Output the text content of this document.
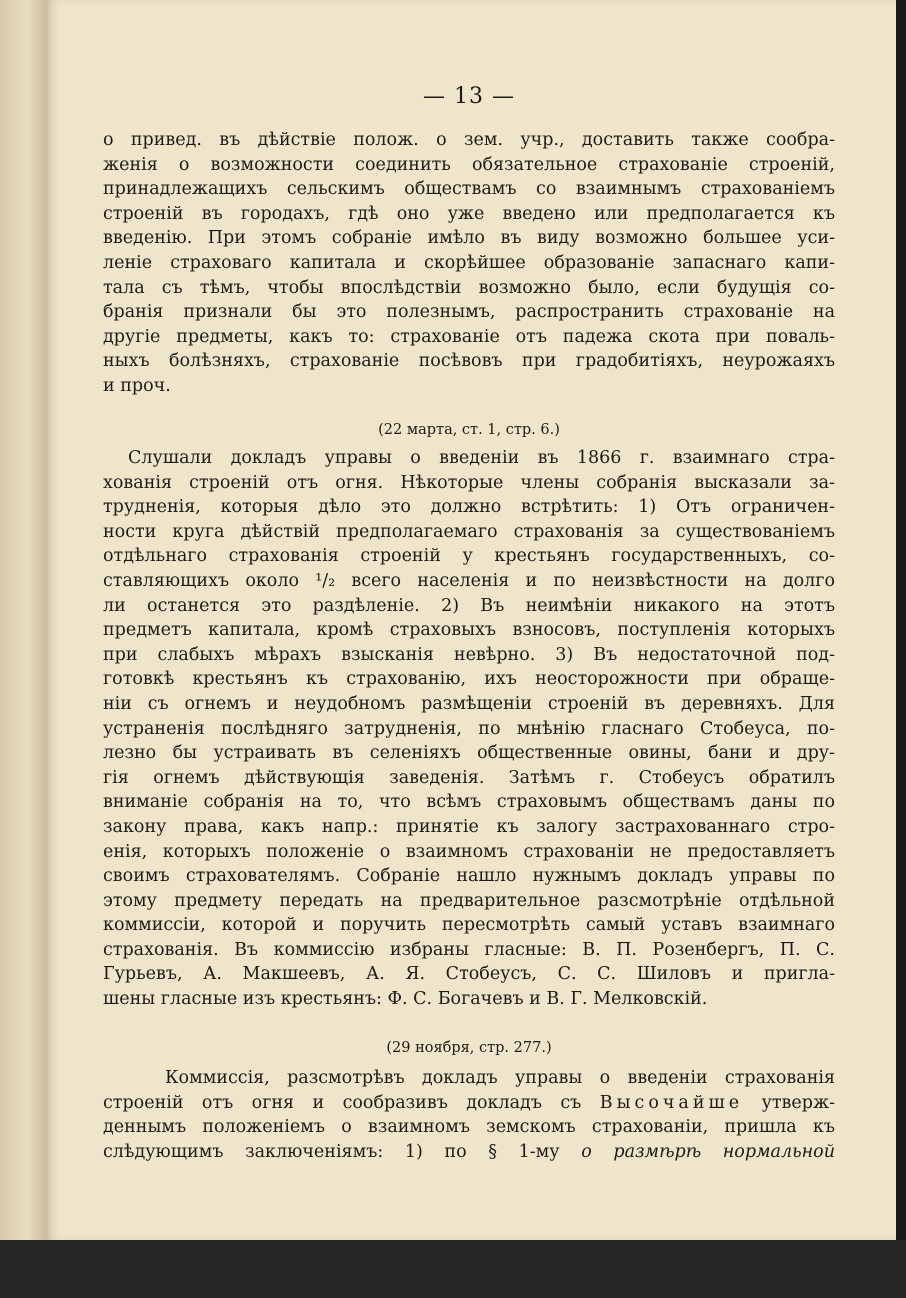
— 13 —
о привед. въ дѣйствіе полож. о зем. учр., доставить также сообра-
женія о возможности соединить обязательное страхованіе строеній,
принадлежащихъ сельскимъ обществамъ со взаимнымъ страхованіемъ
строеній въ городахъ, гдѣ оно уже введено или предполагается къ
введенію. При этомъ собраніе имѣло въ виду возможно большее уси-
леніе страховаго капитала и скорѣйшее образованіе запаснаго капи-
тала съ тѣмъ, чтобы впослѣдствіи возможно было, если будущія со-
бранія признали бы это полезнымъ, распространить страхованіе на
другіе предметы, какъ то: страхованіе отъ падежа скота при поваль-
ныхъ болѣзняхъ, страхованіе посѣвовъ при градобитіяхъ, неурожаяхъ
и проч.
(22 марта, ст. 1, стр. 6.)
Слушали докладъ управы о введеніи въ 1866 г. взаимнаго стра-
хованія строеній отъ огня. Нѣкоторые члены собранія высказали за-
трудненія, которыя дѣло это должно встрѣтить: 1) Отъ ограничен-
ности круга дѣйствій предполагаемаго страхованія за существованіемъ
отдѣльнаго страхованія строеній у крестьянъ государственныхъ, со-
ставляющихъ около ¹/₂ всего населенія и по неизвѣстности на долго
ли останется это раздѣленіе. 2) Въ неимѣніи никакого на этотъ
предметъ капитала, кромѣ страховыхъ взносовъ, поступленія которыхъ
при слабыхъ мѣрахъ взысканія невѣрно. 3) Въ недостаточной под-
готовкѣ крестьянъ къ страхованію, ихъ неосторожности при обраще-
ніи съ огнемъ и неудобномъ размѣщеніи строеній въ деревняхъ. Для
устраненія послѣдняго затрудненія, по мнѣнію гласнаго Стобеуса, по-
лезно бы устраивать въ селеніяхъ общественные овины, бани и дру-
гія огнемъ дѣйствующія заведенія. Затѣмъ г. Стобеусъ обратилъ
вниманіе собранія на то, что всѣмъ страховымъ обществамъ даны по
закону права, какъ напр.: принятіе къ залогу застрахованнаго стро-
енія, которыхъ положеніе о взаимномъ страхованіи не предоставляетъ
своимъ страхователямъ. Собраніе нашло нужнымъ докладъ управы по
этому предмету передать на предварительное разсмотрѣніе отдѣльной
коммиссіи, которой и поручить пересмотрѣть самый уставъ взаимнаго
страхованія. Въ коммиссію избраны гласные: В. П. Розенбергъ, П. С.
Гурьевъ, А. Макшеевъ, А. Я. Стобеусъ, С. С. Шиловъ и пригла-
шены гласные изъ крестьянъ: Ф. С. Богачевъ и В. Г. Мелковскій.
(29 ноября, стр. 277.)
Коммиссія, разсмотрѣвъ докладъ управы о введеніи страхованія
строеній отъ огня и сообразивъ докладъ съ Высочайше утверж-
деннымъ положеніемъ о взаимномъ земскомъ страхованіи, пришла къ
слѣдующимъ заключеніямъ: 1) по § 1-му о размѣрѣ нормальной
